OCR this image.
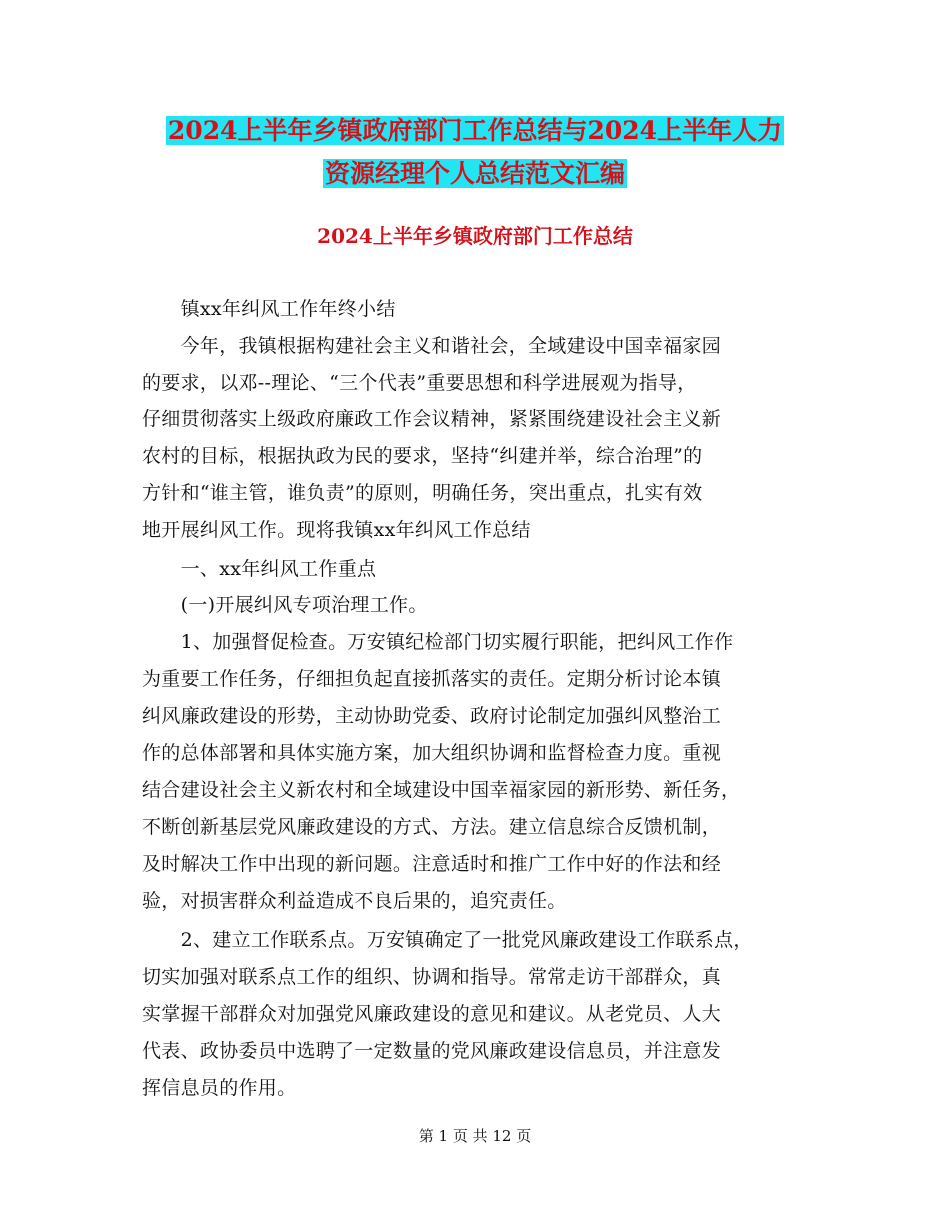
2024上半年乡镇政府部门工作总结与2024上半年人力
资源经理个人总结范文汇编
2024上半年乡镇政府部门工作总结
　　镇xx年纠风工作年终小结
　　今年，我镇根据构建社会主义和谐社会，全域建设中国幸福家园
的要求，以邓--理论、“三个代表”重要思想和科学进展观为指导，
仔细贯彻落实上级政府廉政工作会议精神，紧紧围绕建设社会主义新
农村的目标，根据执政为民的要求，坚持“纠建并举，综合治理”的
方针和“谁主管，谁负责”的原则，明确任务，突出重点，扎实有效
地开展纠风工作。现将我镇xx年纠风工作总结
　　一、xx年纠风工作重点
　　(一)开展纠风专项治理工作。
　　1、加强督促检查。万安镇纪检部门切实履行职能，把纠风工作作
为重要工作任务，仔细担负起直接抓落实的责任。定期分析讨论本镇
纠风廉政建设的形势，主动协助党委、政府讨论制定加强纠风整治工
作的总体部署和具体实施方案，加大组织协调和监督检查力度。重视
结合建设社会主义新农村和全域建设中国幸福家园的新形势、新任务，
不断创新基层党风廉政建设的方式、方法。建立信息综合反馈机制，
及时解决工作中出现的新问题。注意适时和推广工作中好的作法和经
验，对损害群众利益造成不良后果的，追究责任。
　　2、建立工作联系点。万安镇确定了一批党风廉政建设工作联系点，
切实加强对联系点工作的组织、协调和指导。常常走访干部群众，真
实掌握干部群众对加强党风廉政建设的意见和建议。从老党员、人大
代表、政协委员中选聘了一定数量的党风廉政建设信息员，并注意发
挥信息员的作用。
第 1 页 共 12 页
